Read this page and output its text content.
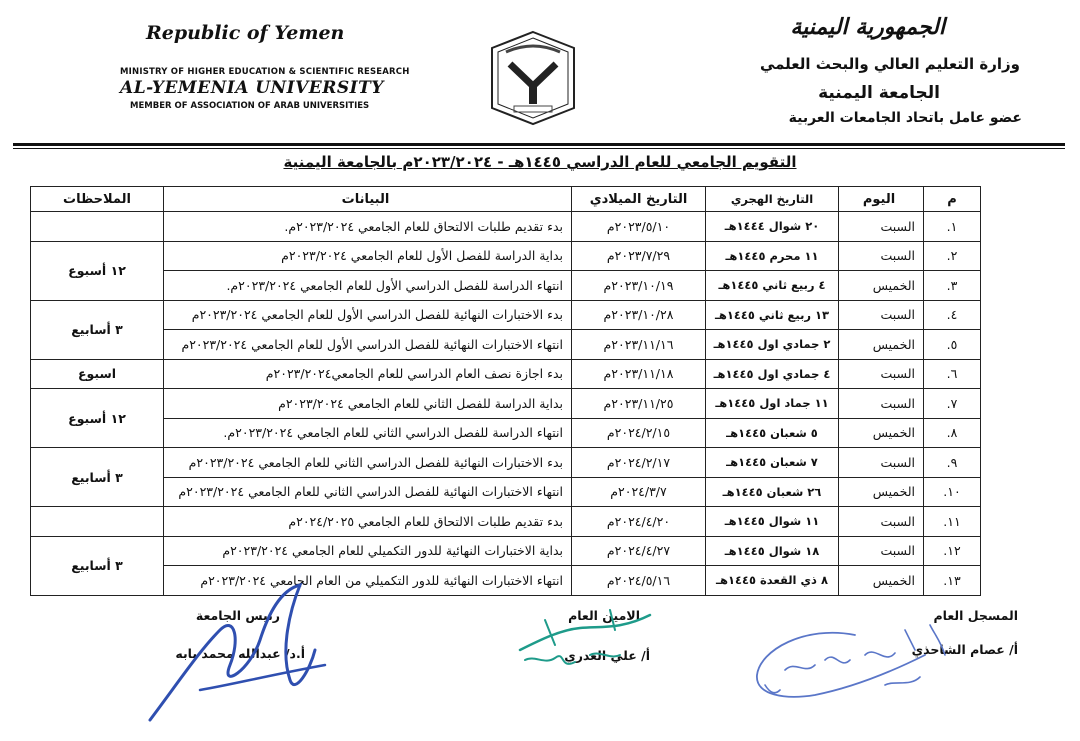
Republic of Yemen
MINISTRY OF HIGHER EDUCATION & SCIENTIFIC RESEARCH
AL-YEMENIA UNIVERSITY
MEMBER OF ASSOCIATION OF ARAB UNIVERSITIES
الجمهورية اليمنية
وزارة التعليم العالي والبحث العلمي
الجامعة اليمنية
عضو عامل باتحاد الجامعات العربية
التقويم الجامعي للعام الدراسي ١٤٤٥هـ - ٢٠٢٣/٢٠٢٤م بالجامعة اليمنية
م	اليوم	التاريخ الهجري	التاريخ الميلادي	البيانات	الملاحظات
١.	السبت	٢٠ شوال ١٤٤٤هـ	٢٠٢٣/٥/١٠م	بدء تقديم طلبات الالتحاق للعام الجامعي ٢٠٢٣/٢٠٢٤م.	
٢.	السبت	١١ محرم ١٤٤٥هـ	٢٠٢٣/٧/٢٩م	بداية الدراسة للفصل الأول للعام الجامعي ٢٠٢٣/٢٠٢٤م	١٢ أسبوع
٣.	الخميس	٤ ربيع ثاني ١٤٤٥هـ	٢٠٢٣/١٠/١٩م	انتهاء الدراسة للفصل الدراسي الأول للعام الجامعي ٢٠٢٣/٢٠٢٤م.	
٤.	السبت	١٣ ربيع ثاني ١٤٤٥هـ	٢٠٢٣/١٠/٢٨م	بدء الاختبارات النهائية للفصل الدراسي الأول للعام الجامعي ٢٠٢٣/٢٠٢٤م	٣ أسابيع
٥.	الخميس	٢ جمادي اول ١٤٤٥هـ	٢٠٢٣/١١/١٦م	انتهاء الاختبارات النهائية للفصل الدراسي الأول للعام الجامعي ٢٠٢٣/٢٠٢٤م	
٦.	السبت	٤ جمادي اول ١٤٤٥هـ	٢٠٢٣/١١/١٨م	بدء اجازة نصف العام الدراسي للعام الجامعي٢٠٢٣/٢٠٢٤م	اسبوع
٧.	السبت	١١ جماد اول ١٤٤٥هـ	٢٠٢٣/١١/٢٥م	بداية الدراسة للفصل الثاني للعام الجامعي ٢٠٢٣/٢٠٢٤م	١٢ أسبوع
٨.	الخميس	٥ شعبان ١٤٤٥هـ	٢٠٢٤/٢/١٥م	انتهاء الدراسة للفصل الدراسي الثاني للعام الجامعي ٢٠٢٣/٢٠٢٤م.	
٩.	السبت	٧ شعبان ١٤٤٥هـ	٢٠٢٤/٢/١٧م	بدء الاختبارات النهائية للفصل الدراسي الثاني للعام الجامعي ٢٠٢٣/٢٠٢٤م	٣ أسابيع
١٠.	الخميس	٢٦ شعبان ١٤٤٥هـ	٢٠٢٤/٣/٧م	انتهاء الاختبارات النهائية للفصل الدراسي الثاني للعام الجامعي ٢٠٢٣/٢٠٢٤م	
١١.	السبت	١١ شوال ١٤٤٥هـ	٢٠٢٤/٤/٢٠م	بدء تقديم طلبات الالتحاق للعام الجامعي ٢٠٢٤/٢٠٢٥م	
١٢.	السبت	١٨ شوال ١٤٤٥هـ	٢٠٢٤/٤/٢٧م	بداية الاختبارات النهائية للدور التكميلي للعام الجامعي ٢٠٢٣/٢٠٢٤م	٣ أسابيع
١٣.	الخميس	٨ ذي القعدة ١٤٤٥هـ	٢٠٢٤/٥/١٦م	انتهاء الاختبارات النهائية للدور التكميلي من العام الجامعي ٢٠٢٣/٢٠٢٤م	
المسجل العام
أ/ عصام الشاحذي
الامين العام
أ/ علي العدري
رئيس الجامعة
أ.د/ عبدالله محمد بابه
